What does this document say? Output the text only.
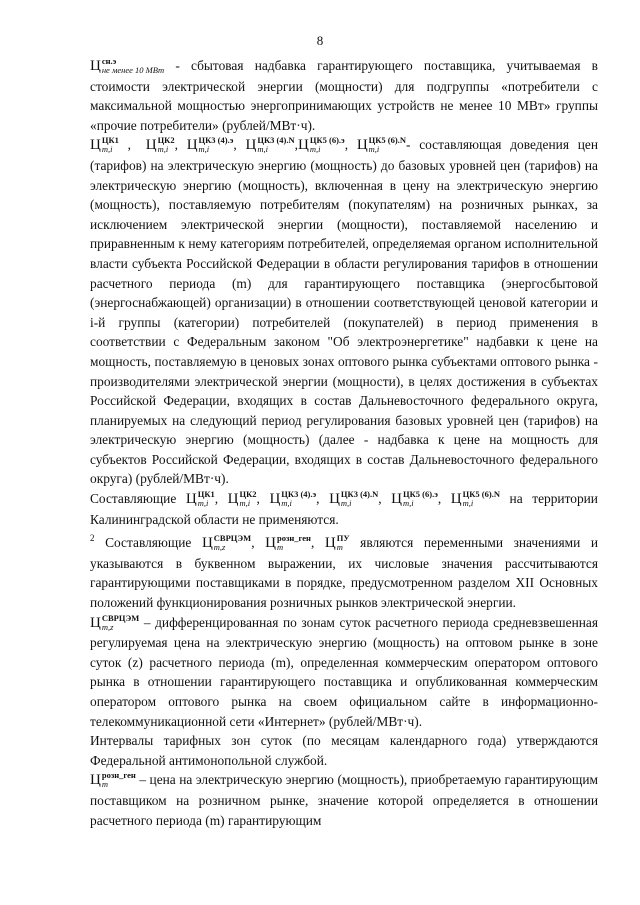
8

Ц сн.э
не менее 10 МВт - сбытовая надбавка гарантирующего поставщика, учитываемая в стоимости электрической энергии (мощности) для подгруппы «потребители с максимальной мощностью энергопринимающих устройств не менее 10 МВт» группы «прочие потребители» (рублей/МВт·ч).

Ц ЦК1
m,i , Ц ЦК2
m,i , Ц ЦК3 (4).э
m,i	, Ц ЦК3 (4).N
m,i	,Ц ЦК5 (6).э
m,i	, Ц ЦК5 (6).N
m,i	- составляющая доведения цен (тарифов) на электрическую энергию (мощность) до базовых уровней цен (тарифов) на электрическую энергию (мощность), включенная в цену на электрическую энергию (мощность), поставляемую потребителям (покупателям) на розничных рынках, за исключением электрической энергии (мощности), поставляемой населению и приравненным к нему категориям потребителей, определяемая органом исполнительной власти субъекта Российской Федерации в области регулирования тарифов в отношении расчетного периода (m) для гарантирующего поставщика (энергосбытовой (энергоснабжающей) организации) в отношении соответствующей ценовой категории и i-й группы (категории) потребителей (покупателей) в период применения в соответствии с Федеральным законом "Об электроэнергетике" надбавки к цене на мощность, поставляемую в ценовых зонах оптового рынка субъектами оптового рынка - производителями электрической энергии (мощности), в целях достижения в субъектах Российской Федерации, входящих в состав Дальневосточного федерального округа, планируемых на следующий период регулирования базовых уровней цен (тарифов) на электрическую энергию (мощность) (далее - надбавка к цене на мощность для субъектов Российской Федерации, входящих в состав Дальневосточного федерального округа) (рублей/МВт·ч).

Составляющие Ц ЦК1
m,i , Ц ЦК2
m,i , Ц ЦК3 (4).э
m,i	, Ц ЦК3 (4).N
m,i	, Ц ЦК5 (6).э
m,i	, Ц ЦК5 (6).N
m,i	на территории Калининградской области не применяются.

$^2$ Составляющие Ц СВРЦЭМ
m,z	, Ц розн_ген
m	, Ц ПУ
m являются переменными значениями и указываются в буквенном выражении, их числовые значения рассчитываются гарантирующими поставщиками в порядке, предусмотренном разделом XII Основных положений функционирования розничных рынков электрической энергии.

Ц СВРЦЭМ
m,z	– дифференцированная по зонам суток расчетного периода средневзвешенная регулируемая цена на электрическую энергию (мощность) на оптовом рынке в зоне суток (z) расчетного периода (m), определенная коммерческим оператором оптового рынка в отношении гарантирующего поставщика и опубликованная коммерческим оператором оптового рынка на своем официальном сайте в информационно-телекоммуникационной сети «Интернет» (рублей/МВт·ч).

Интервалы тарифных зон суток (по месяцам календарного года) утверждаются Федеральной антимонопольной службой.

Ц розн_ген
m	– цена на электрическую энергию (мощность), приобретаемую гарантирующим поставщиком на розничном рынке, значение которой определяется в отношении расчетного периода (m) гарантирующим
